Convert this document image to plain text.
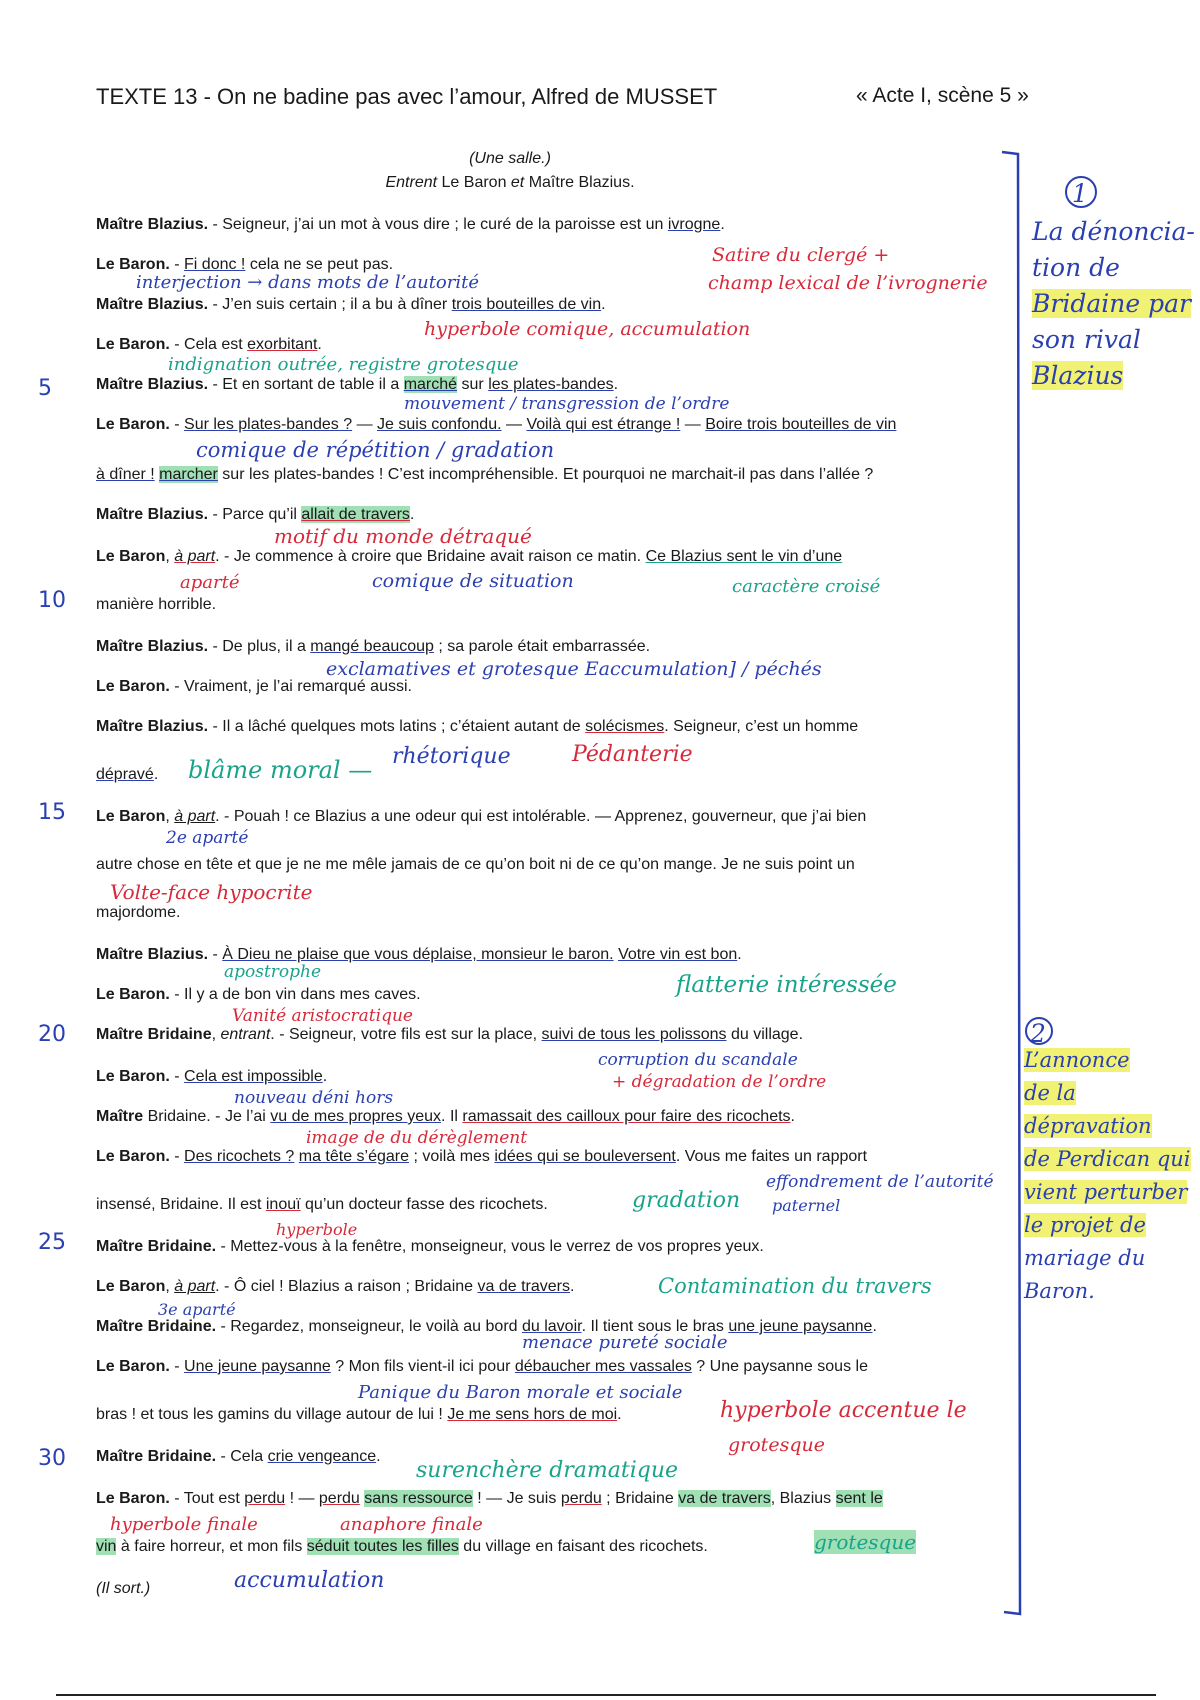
TEXTE 13 - On ne badine pas avec l’amour, Alfred de MUSSET	« Acte I, scène 5 »
(Une salle.)
Entrent Le Baron et Maître Blazius.
5
10
15
20
25
30
Maître Blazius. - Seigneur, j’ai un mot à vous dire ; le curé de la paroisse est un ivrogne.
Le Baron. - Fi donc ! cela ne se peut pas.
Maître Blazius. - J’en suis certain ; il a bu à dîner trois bouteilles de vin.
Le Baron. - Cela est exorbitant.
Maître Blazius. - Et en sortant de table il a marché sur les plates-bandes.
Le Baron. - Sur les plates-bandes ? — Je suis confondu. — Voilà qui est étrange ! — Boire trois bouteilles de vin
à dîner ! marcher sur les plates-bandes ! C’est incompréhensible. Et pourquoi ne marchait-il pas dans l’allée ?
Maître Blazius. - Parce qu’il allait de travers.
Le Baron, à part. - Je commence à croire que Bridaine avait raison ce matin. Ce Blazius sent le vin d’une
manière horrible.
Maître Blazius. - De plus, il a mangé beaucoup ; sa parole était embarrassée.
Le Baron. - Vraiment, je l’ai remarqué aussi.
Maître Blazius. - Il a lâché quelques mots latins ; c’étaient autant de solécismes. Seigneur, c’est un homme
dépravé.
Le Baron, à part. - Pouah ! ce Blazius a une odeur qui est intolérable. — Apprenez, gouverneur, que j’ai bien
autre chose en tête et que je ne me mêle jamais de ce qu’on boit ni de ce qu’on mange. Je ne suis point un
majordome.
Maître Blazius. - À Dieu ne plaise que vous déplaise, monsieur le baron. Votre vin est bon.
Le Baron. - Il y a de bon vin dans mes caves.
Maître Bridaine, entrant. - Seigneur, votre fils est sur la place, suivi de tous les polissons du village.
Le Baron. - Cela est impossible.
Maître Bridaine. - Je l’ai vu de mes propres yeux. Il ramassait des cailloux pour faire des ricochets.
Le Baron. - Des ricochets ? ma tête s’égare ; voilà mes idées qui se bouleversent. Vous me faites un rapport
insensé, Bridaine. Il est inouï qu’un docteur fasse des ricochets.
Maître Bridaine. - Mettez-vous à la fenêtre, monseigneur, vous le verrez de vos propres yeux.
Le Baron, à part. - Ô ciel ! Blazius a raison ; Bridaine va de travers.
Maître Bridaine. - Regardez, monseigneur, le voilà au bord du lavoir. Il tient sous le bras une jeune paysanne.
Le Baron. - Une jeune paysanne ? Mon fils vient-il ici pour débaucher mes vassales ? Une paysanne sous le
bras ! et tous les gamins du village autour de lui ! Je me sens hors de moi.
Maître Bridaine. - Cela crie vengeance.
Le Baron. - Tout est perdu ! — perdu sans ressource ! — Je suis perdu ; Bridaine va de travers, Blazius sent le
vin à faire horreur, et mon fils séduit toutes les filles du village en faisant des ricochets.
(Il sort.)
Satire du clergé +
champ lexical de l’ivrognerie
interjection → dans mots de l’autorité
hyperbole comique, accumulation
indignation outrée, registre grotesque
mouvement / transgression de l’ordre
comique de répétition / gradation
motif du monde détraqué
aparté	comique de situation	caractère croisé
exclamatives et grotesque Eaccumulation] / péchés
blâme moral — rhétorique	Pédanterie
2e aparté
Volte-face hypocrite
apostrophe	flatterie intéressée
Vanité aristocratique
corruption du scandale
+ dégradation de l’ordre
nouveau déni hors
image de du dérèglement
effondrement de l’autorité
paternel
gradation
hyperbole
Contamination du travers
3e aparté
menace pureté sociale
Panique du Baron morale et sociale
hyperbole accentue le
grotesque
surenchère dramatique
hyperbole finale	anaphore finale
grotesque
accumulation
1
La dénoncia-
tion de
Bridaine par
son rival
Blazius
2
L’annonce
de la dépravation
de Perdican qui
vient perturber
le projet de
mariage du
Baron.
